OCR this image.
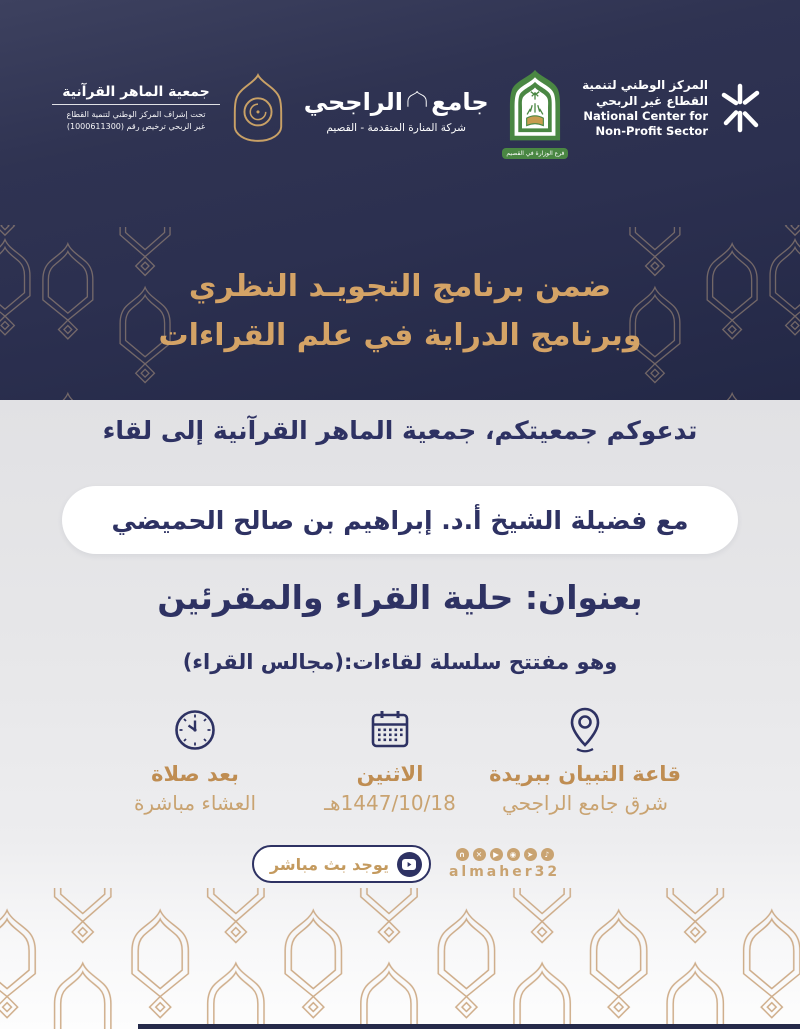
جمعية الماهر القرآنية
تحت إشراف المركز الوطني لتنمية القطاع
غير الربحي ترخيص رقم (1000611300)
جامع
الراجحي
شركة المنارة المتقدمة - القصيم
فرع الوزارة في القصيم
المركز الوطني لتنمية
القطاع غير الربحي
National Center for
Non-Profit Sector
ضمن برنامج التجويـد النظري
وبرنامج الدراية في علم القراءات
تدعوكم جمعيتكم، جمعية الماهر القرآنية إلى لقاء
مع فضيلة الشيخ أ.د. إبراهيم بن صالح الحميضي
بعنوان: حلية القراء والمقرئين
وهو مفتتح سلسلة لقاءات:(مجالس القراء)
قاعة التبيان ببريدة
شرق جامع الراجحي
الاثنين
1447/10/18هـ
بعد صلاة
العشاء مباشرة
∩	✕	▶	◉	➤	♪
almaher32
يوجد بث مباشر
